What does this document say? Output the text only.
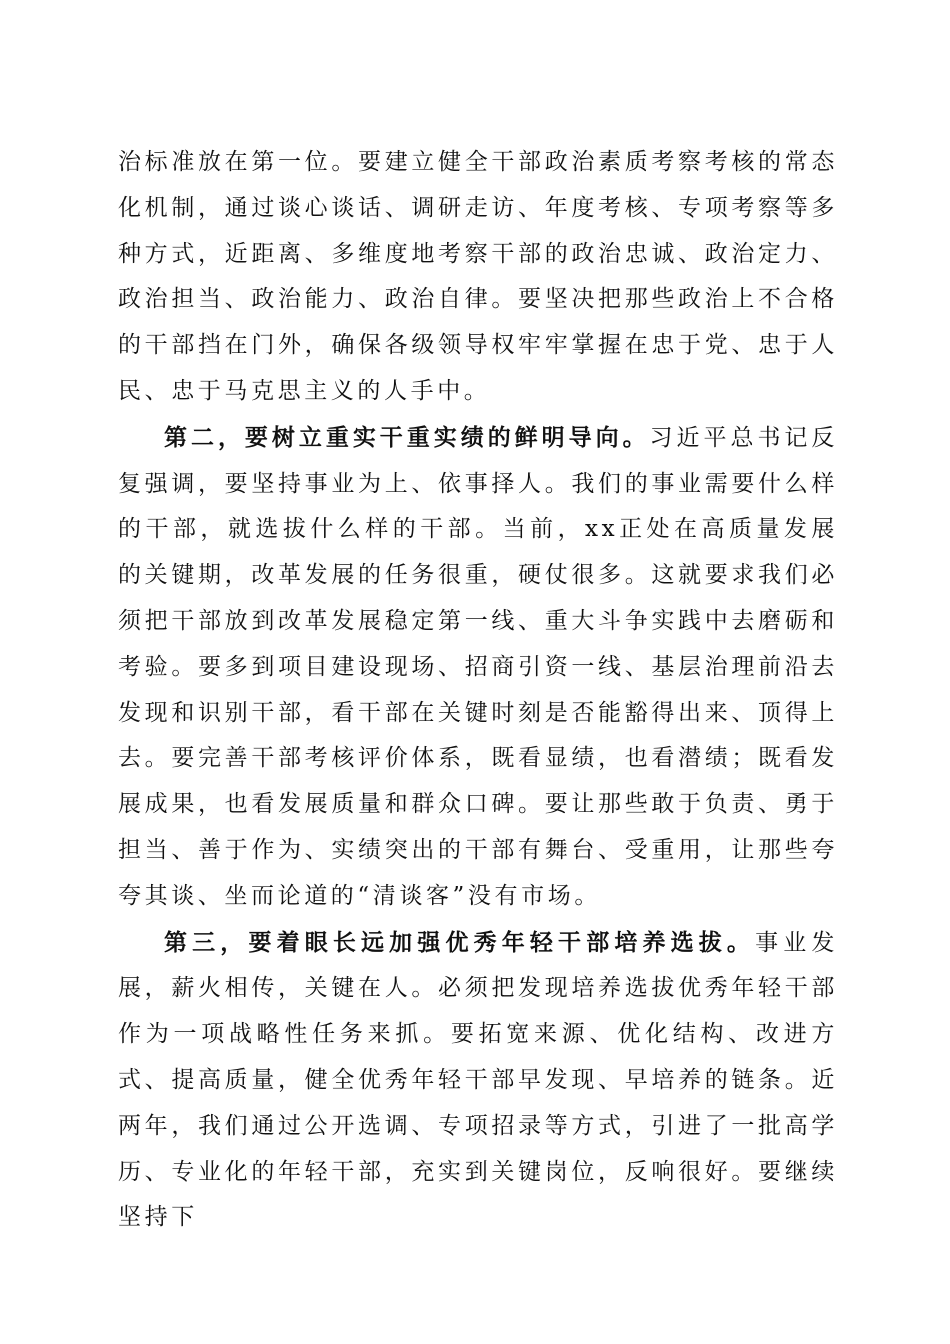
治标准放在第一位。要建立健全干部政治素质考察考核的常态化机制，通过谈心谈话、调研走访、年度考核、专项考察等多种方式，近距离、多维度地考察干部的政治忠诚、政治定力、政治担当、政治能力、政治自律。要坚决把那些政治上不合格的干部挡在门外，确保各级领导权牢牢掌握在忠于党、忠于人民、忠于马克思主义的人手中。

第二，要树立重实干重实绩的鲜明导向。习近平总书记反复强调，要坚持事业为上、依事择人。我们的事业需要什么样的干部，就选拔什么样的干部。当前，xx正处在高质量发展的关键期，改革发展的任务很重，硬仗很多。这就要求我们必须把干部放到改革发展稳定第一线、重大斗争实践中去磨砺和考验。要多到项目建设现场、招商引资一线、基层治理前沿去发现和识别干部，看干部在关键时刻是否能豁得出来、顶得上去。要完善干部考核评价体系，既看显绩，也看潜绩；既看发展成果，也看发展质量和群众口碑。要让那些敢于负责、勇于担当、善于作为、实绩突出的干部有舞台、受重用，让那些夸夸其谈、坐而论道的“清谈客”没有市场。

第三，要着眼长远加强优秀年轻干部培养选拔。事业发展，薪火相传，关键在人。必须把发现培养选拔优秀年轻干部作为一项战略性任务来抓。要拓宽来源、优化结构、改进方式、提高质量，健全优秀年轻干部早发现、早培养的链条。近两年，我们通过公开选调、专项招录等方式，引进了一批高学历、专业化的年轻干部，充实到关键岗位，反响很好。要继续坚持下
